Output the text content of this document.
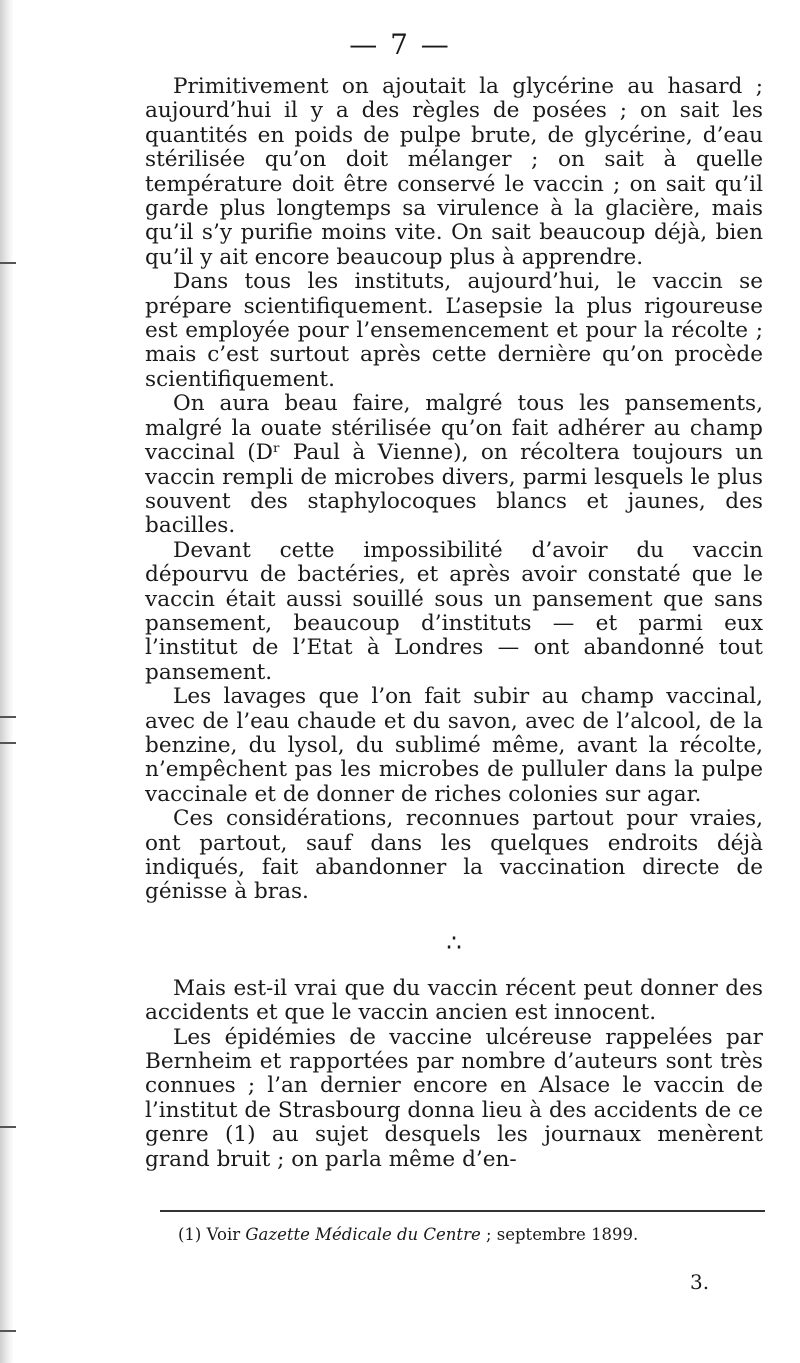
— 7 —

Primitivement on ajoutait la glycérine au hasard ; aujourd’hui il y a des règles de posées ; on sait les quantités en poids de pulpe brute, de glycérine, d’eau stérilisée qu’on doit mélanger ; on sait à quelle température doit être conservé le vaccin ; on sait qu’il garde plus longtemps sa virulence à la glacière, mais qu’il s’y purifie moins vite. On sait beaucoup déjà, bien qu’il y ait encore beaucoup plus à apprendre.

Dans tous les instituts, aujourd’hui, le vaccin se prépare scientifiquement. L’asepsie la plus rigoureuse est employée pour l’ensemencement et pour la récolte ; mais c’est surtout après cette dernière qu’on procède scientifiquement.

On aura beau faire, malgré tous les pansements, malgré la ouate stérilisée qu’on fait adhérer au champ vaccinal (Dʳ Paul à Vienne), on récoltera toujours un vaccin rempli de microbes divers, parmi lesquels le plus souvent des staphylocoques blancs et jaunes, des bacilles.

Devant cette impossibilité d’avoir du vaccin dépourvu de bactéries, et après avoir constaté que le vaccin était aussi souillé sous un pansement que sans pansement, beaucoup d’instituts — et parmi eux l’institut de l’Etat à Londres — ont abandonné tout pansement.

Les lavages que l’on fait subir au champ vaccinal, avec de l’eau chaude et du savon, avec de l’alcool, de la benzine, du lysol, du sublimé même, avant la récolte, n’empêchent pas les microbes de pulluler dans la pulpe vaccinale et de donner de riches colonies sur agar.

Ces considérations, reconnues partout pour vraies, ont partout, sauf dans les quelques endroits déjà indiqués, fait abandonner la vaccination directe de génisse à bras.

∴

Mais est-il vrai que du vaccin récent peut donner des accidents et que le vaccin ancien est innocent.

Les épidémies de vaccine ulcéreuse rappelées par Bernheim et rapportées par nombre d’auteurs sont très connues ; l’an dernier encore en Alsace le vaccin de l’institut de Strasbourg donna lieu à des accidents de ce genre (1) au sujet desquels les journaux menèrent grand bruit ; on parla même d’en-

(1) Voir Gazette Médicale du Centre ; septembre 1899.
3.
